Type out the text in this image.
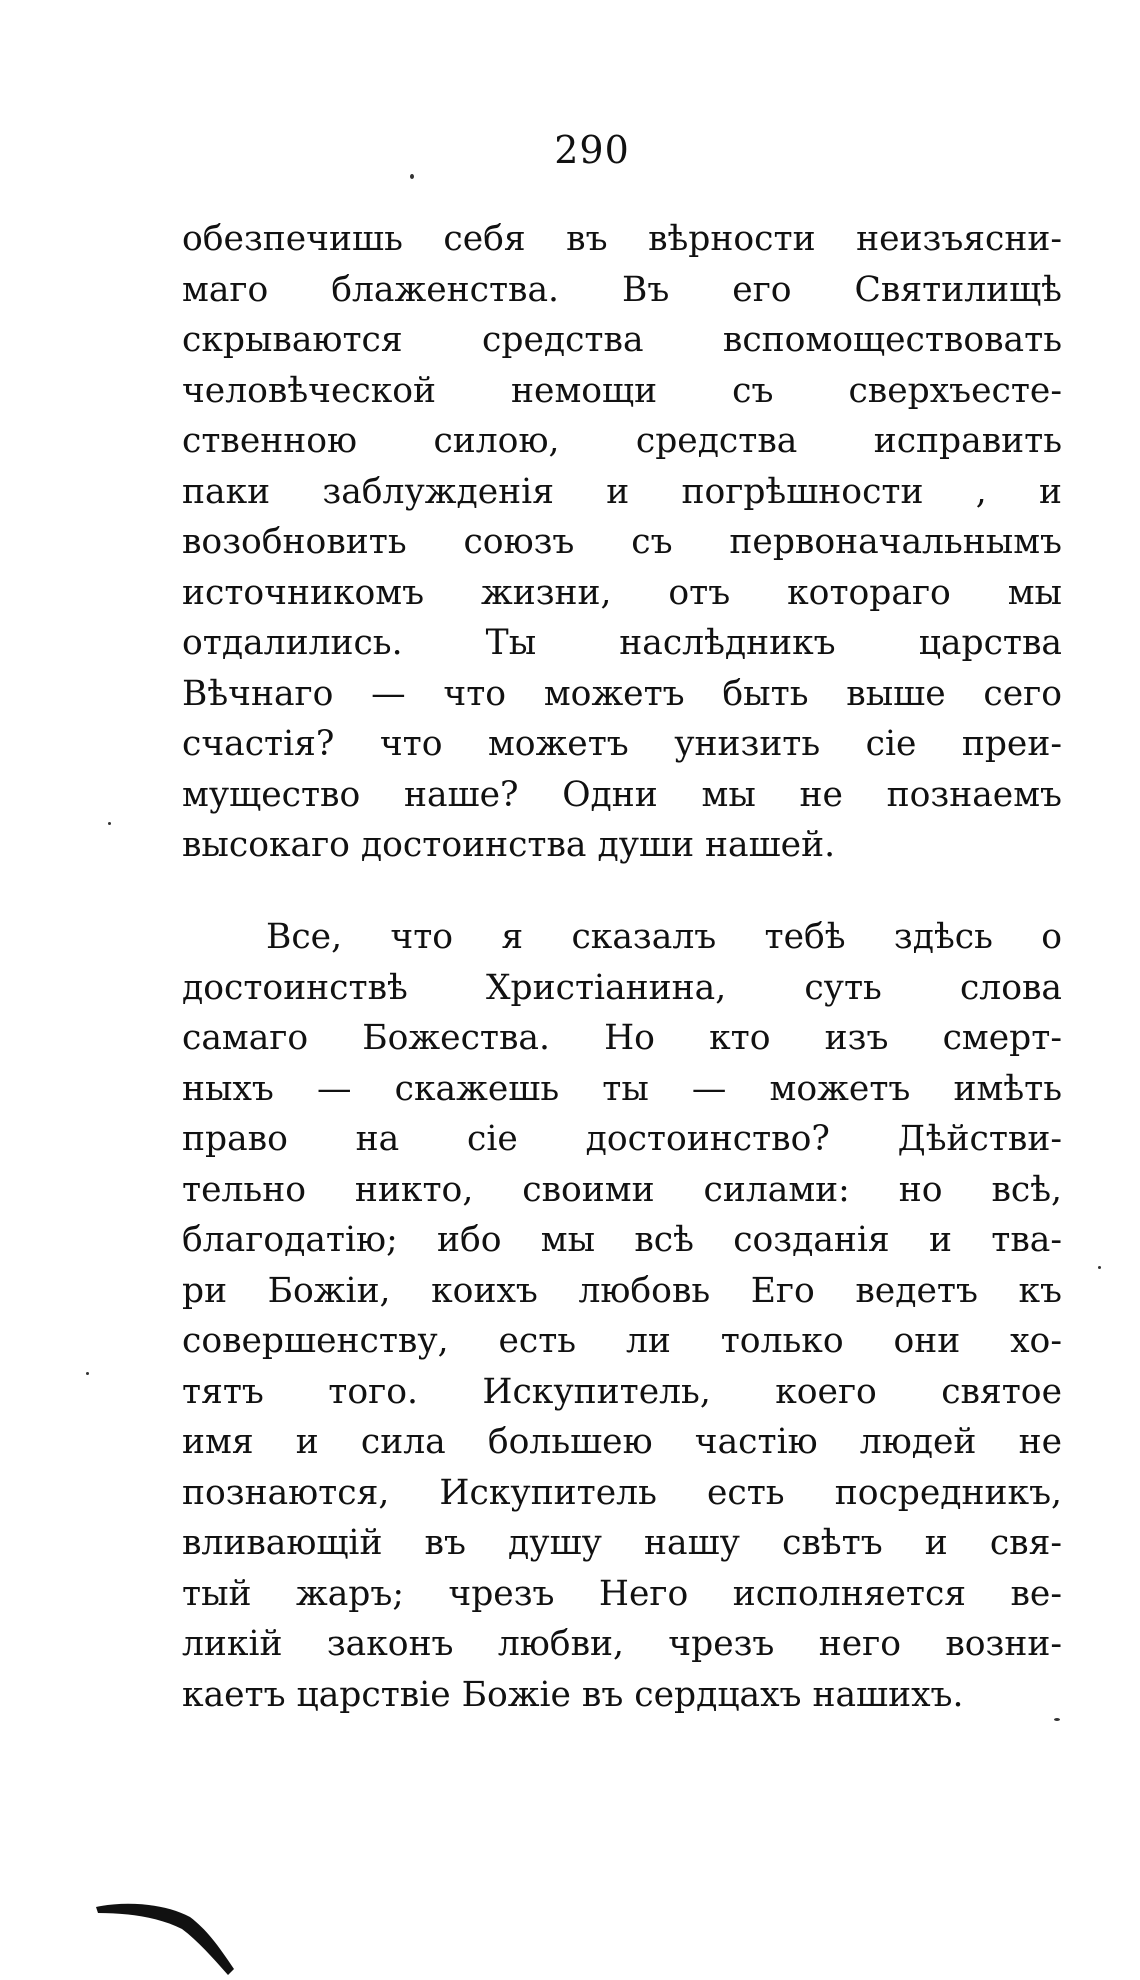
290
обезпечишь себя въ вѣрности неизъясни-
маго блаженства. Въ его Святилищѣ
скрываются средства вспомоществовать
человѣческой немощи съ сверхъесте-
ственною силою, средства исправить
паки заблужденія и погрѣшности , и
возобновить союзъ съ первоначальнымъ
источникомъ жизни, отъ котораго мы
отдалились. Ты наслѣдникъ царства
Вѣчнаго — что можетъ быть выше сего
счастія? что можетъ унизить сіе преи-
мущество наше? Одни мы не познаемъ
высокаго достоинства души нашей.
Все, что я сказалъ тебѣ здѣсь о
достоинствѣ Христіанина, суть слова
самаго Божества. Но кто изъ смерт-
ныхъ — скажешь ты — можетъ имѣть
право на сіе достоинство? Дѣйстви-
тельно никто, своими силами: но всѣ,
благодатію; ибо мы всѣ созданія и твa-
ри Божіи, коихъ любовь Его ведетъ къ
совершенству, есть ли только они хо-
тятъ того. Искупитель, коего святое
имя и сила большею частію людей не
познаются, Искупитель есть посредникъ,
вливающій въ душу нашу свѣтъ и свя-
тый жаръ; чрезъ Него исполняется ве-
ликій законъ любви, чрезъ него возни-
каетъ царствіе Божіе въ сердцахъ нашихъ.
